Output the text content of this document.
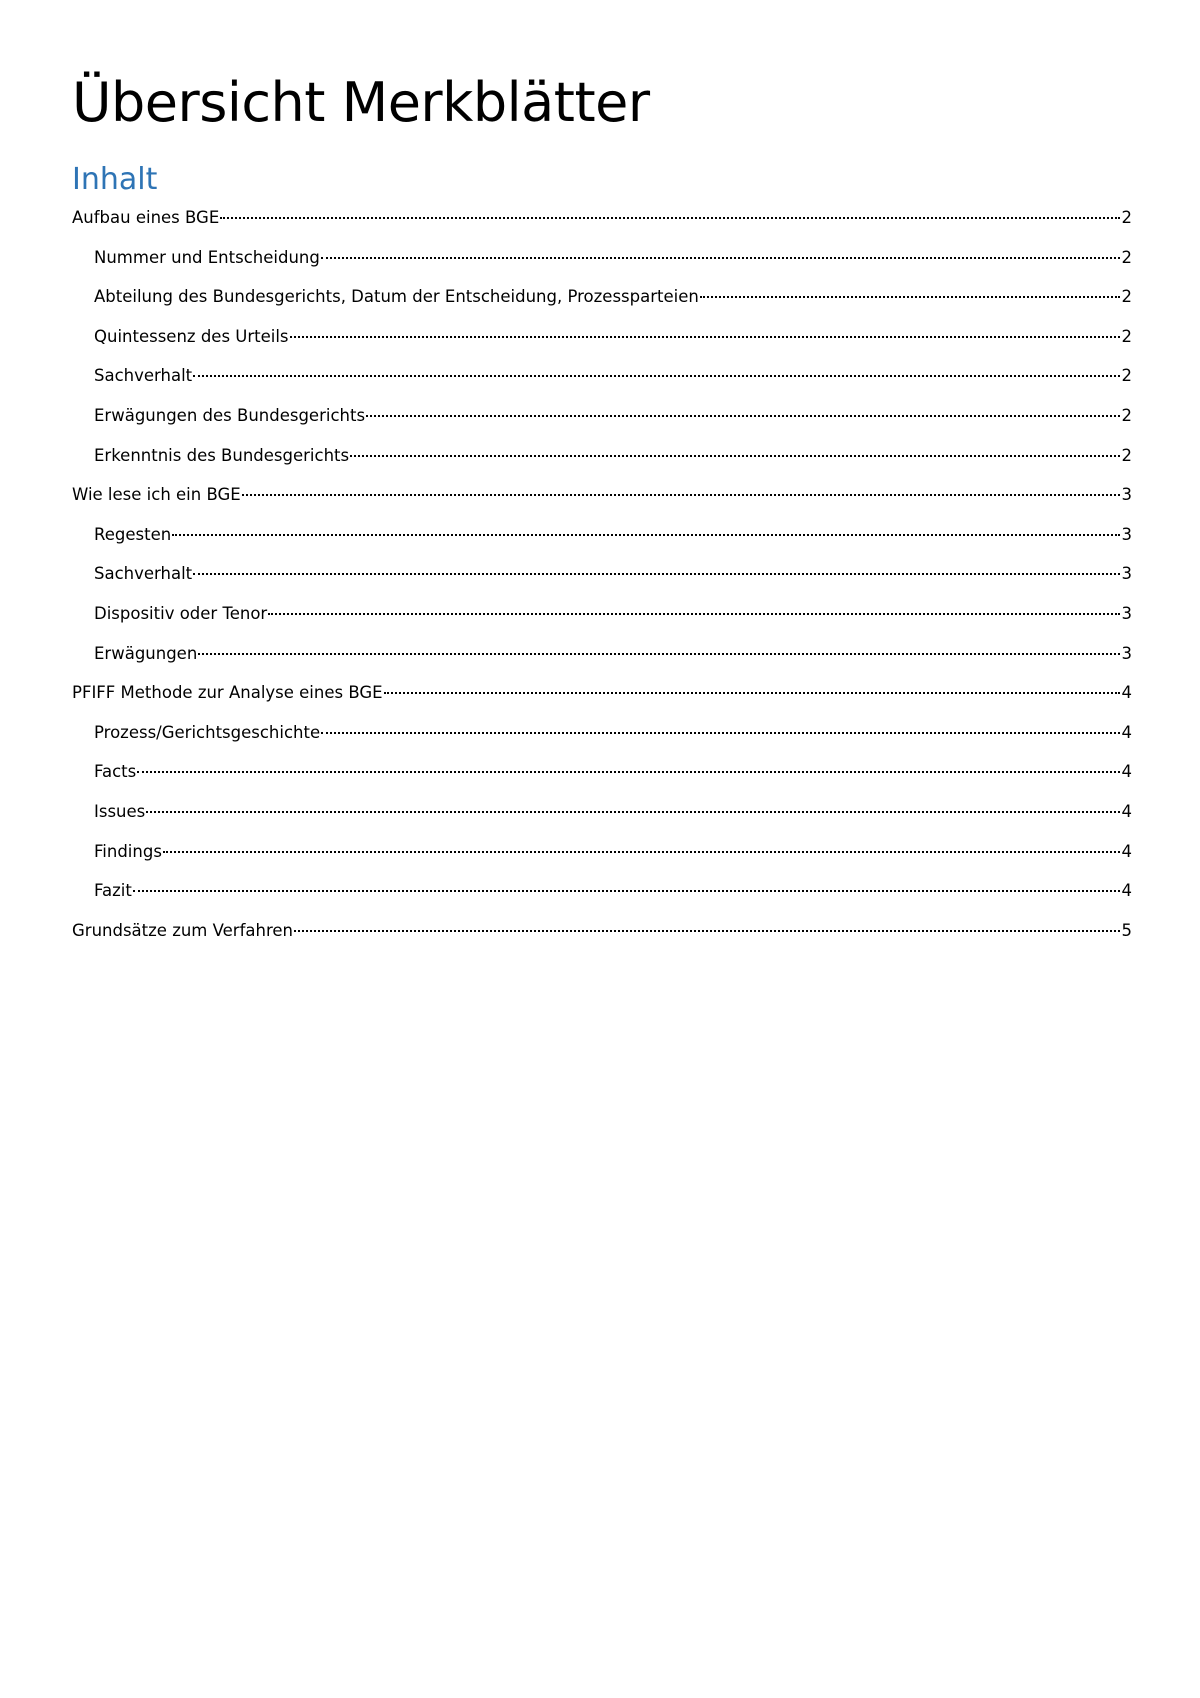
Übersicht Merkblätter
Inhalt
Aufbau eines BGE	2
Nummer und Entscheidung	2
Abteilung des Bundesgerichts, Datum der Entscheidung, Prozessparteien	2
Quintessenz des Urteils	2
Sachverhalt	2
Erwägungen des Bundesgerichts	2
Erkenntnis des Bundesgerichts	2
Wie lese ich ein BGE	3
Regesten	3
Sachverhalt	3
Dispositiv oder Tenor	3
Erwägungen	3
PFIFF Methode zur Analyse eines BGE	4
Prozess/Gerichtsgeschichte	4
Facts	4
Issues	4
Findings	4
Fazit	4
Grundsätze zum Verfahren	5
